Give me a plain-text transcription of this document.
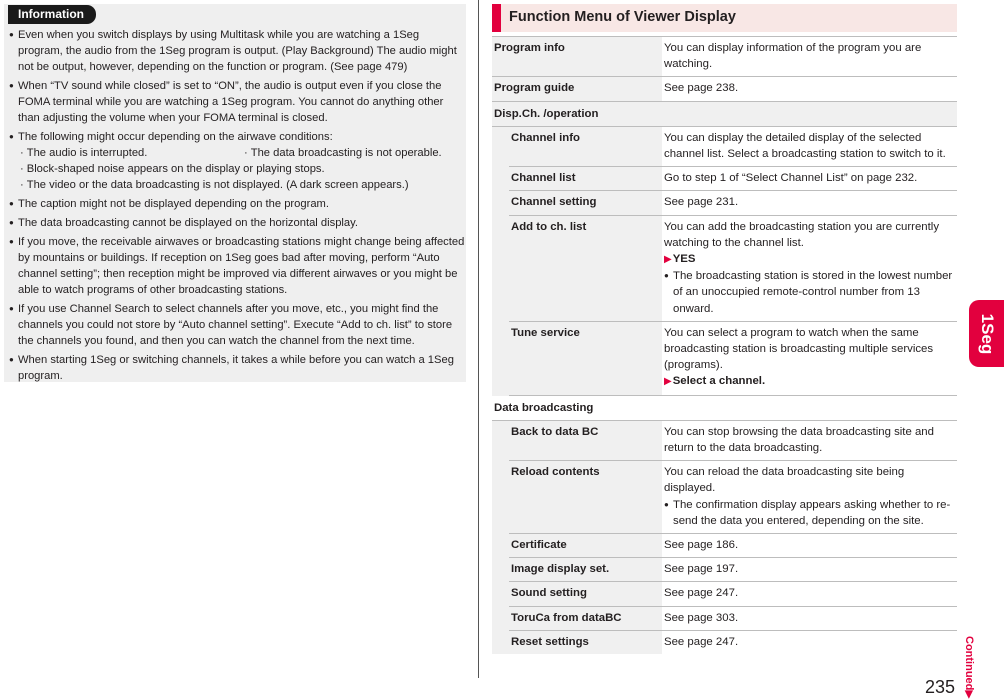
Information
● Even when you switch displays by using Multitask while you are watching a 1Seg program, the audio from the 1Seg program is output. (Play Background) The audio might not be output, however, depending on the function or program. (See page 479)
● When “TV sound while closed” is set to “ON”, the audio is output even if you close the FOMA terminal while you are watching a 1Seg program. You cannot do anything other than adjusting the volume when your FOMA terminal is closed.
● The following might occur depending on the airwave conditions:
· The audio is interrupted.	· The data broadcasting is not operable.
· Block-shaped noise appears on the display or playing stops.
· The video or the data broadcasting is not displayed. (A dark screen appears.)
● The caption might not be displayed depending on the program.
● The data broadcasting cannot be displayed on the horizontal display.
● If you move, the receivable airwaves or broadcasting stations might change being affected by mountains or buildings. If reception on 1Seg goes bad after moving, perform “Auto channel setting”; then reception might be improved via different airwaves or you might be able to watch programs of other broadcasting stations.
● If you use Channel Search to select channels after you move, etc., you might find the channels you could not store by “Auto channel setting”. Execute “Add to ch. list” to store the channels you found, and then you can watch the channel from the next time.
● When starting 1Seg or switching channels, it takes a while before you can watch a 1Seg program.
Function Menu of Viewer Display
Program info	You can display information of the program you are watching.
Program guide	See page 238.
Disp.Ch. /operation
Channel info	You can display the detailed display of the selected channel list. Select a broadcasting station to switch to it.
Channel list	Go to step 1 of “Select Channel List” on page 232.
Channel setting	See page 231.
Add to ch. list	You can add the broadcasting station you are currently watching to the channel list.
▶YES
● The broadcasting station is stored in the lowest number of an unoccupied remote-control number from 13 onward.
Tune service	You can select a program to watch when the same broadcasting station is broadcasting multiple services (programs).
▶Select a channel.
Data broadcasting
Back to data BC	You can stop browsing the data broadcasting site and return to the data broadcasting.
Reload contents	You can reload the data broadcasting site being displayed.
● The confirmation display appears asking whether to re-send the data you entered, depending on the site.
Certificate	See page 186.
Image display set.	See page 197.
Sound setting	See page 247.
ToruCa from dataBC	See page 303.
Reset settings	See page 247.
1Seg
Continued▶
235
